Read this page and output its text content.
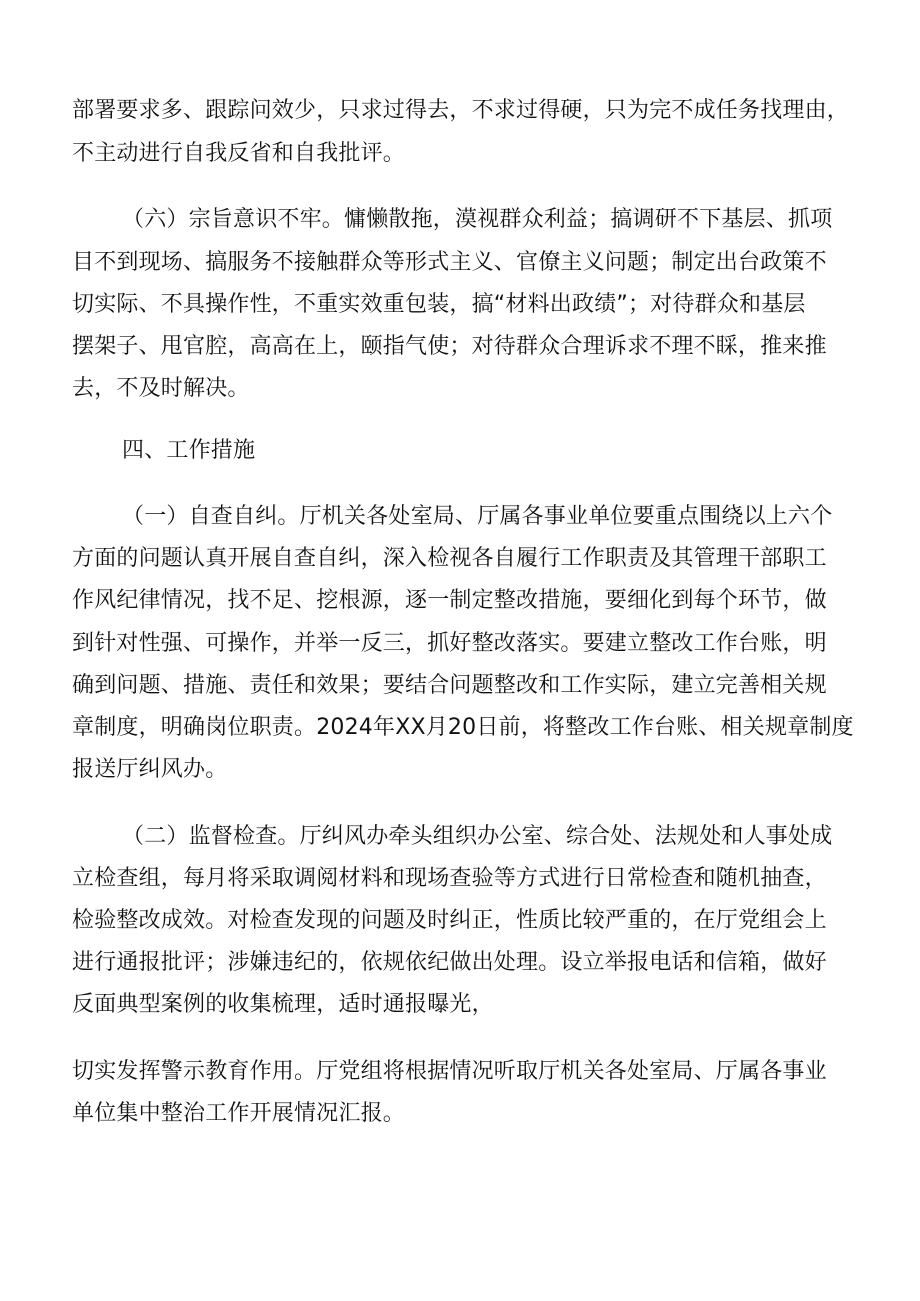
部署要求多、跟踪问效少，只求过得去，不求过得硬，只为完不成任务找理由，
不主动进行自我反省和自我批评。
（六）宗旨意识不牢。慵懒散拖，漠视群众利益；搞调研不下基层、抓项
目不到现场、搞服务不接触群众等形式主义、官僚主义问题；制定出台政策不
切实际、不具操作性，不重实效重包装，搞“材料出政绩”；对待群众和基层
摆架子、甩官腔，高高在上，颐指气使；对待群众合理诉求不理不睬，推来推
去，不及时解决。
四、工作措施
（一）自查自纠。厅机关各处室局、厅属各事业单位要重点围绕以上六个
方面的问题认真开展自查自纠，深入检视各自履行工作职责及其管理干部职工
作风纪律情况，找不足、挖根源，逐一制定整改措施，要细化到每个环节，做
到针对性强、可操作，并举一反三，抓好整改落实。要建立整改工作台账，明
确到问题、措施、责任和效果；要结合问题整改和工作实际，建立完善相关规
章制度，明确岗位职责。2024年XX月20日前，将整改工作台账、相关规章制度
报送厅纠风办。
（二）监督检查。厅纠风办牵头组织办公室、综合处、法规处和人事处成
立检查组，每月将采取调阅材料和现场查验等方式进行日常检查和随机抽查，
检验整改成效。对检查发现的问题及时纠正，性质比较严重的，在厅党组会上
进行通报批评；涉嫌违纪的，依规依纪做出处理。设立举报电话和信箱，做好
反面典型案例的收集梳理，适时通报曝光，
切实发挥警示教育作用。厅党组将根据情况听取厅机关各处室局、厅属各事业
单位集中整治工作开展情况汇报。
